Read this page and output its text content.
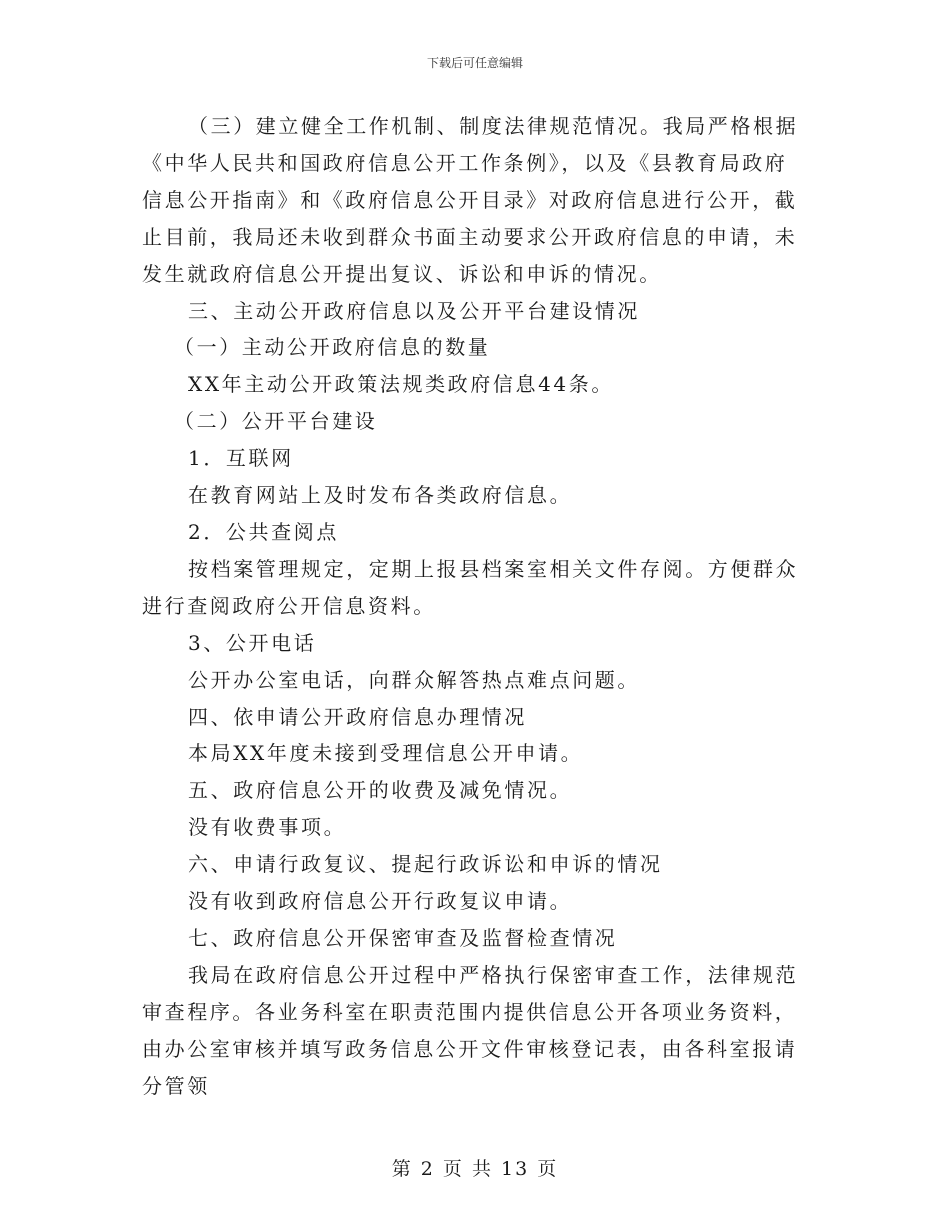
下载后可任意编辑

（三）建立健全工作机制、制度法律规范情况。我局严格根据《中华人民共和国政府信息公开工作条例》，以及《县教育局政府信息公开指南》和《政府信息公开目录》对政府信息进行公开，截止目前，我局还未收到群众书面主动要求公开政府信息的申请，未发生就政府信息公开提出复议、诉讼和申诉的情况。

三、主动公开政府信息以及公开平台建设情况

（一）主动公开政府信息的数量

XX年主动公开政策法规类政府信息44条。

（二）公开平台建设

1．互联网

在教育网站上及时发布各类政府信息。

2．公共查阅点

按档案管理规定，定期上报县档案室相关文件存阅。方便群众进行查阅政府公开信息资料。

3、公开电话

公开办公室电话，向群众解答热点难点问题。

四、依申请公开政府信息办理情况

本局XX年度未接到受理信息公开申请。

五、政府信息公开的收费及减免情况。

没有收费事项。

六、申请行政复议、提起行政诉讼和申诉的情况

没有收到政府信息公开行政复议申请。

七、政府信息公开保密审查及监督检查情况

我局在政府信息公开过程中严格执行保密审查工作，法律规范审查程序。各业务科室在职责范围内提供信息公开各项业务资料，由办公室审核并填写政务信息公开文件审核登记表，由各科室报请分管领

第 2 页 共 13 页
